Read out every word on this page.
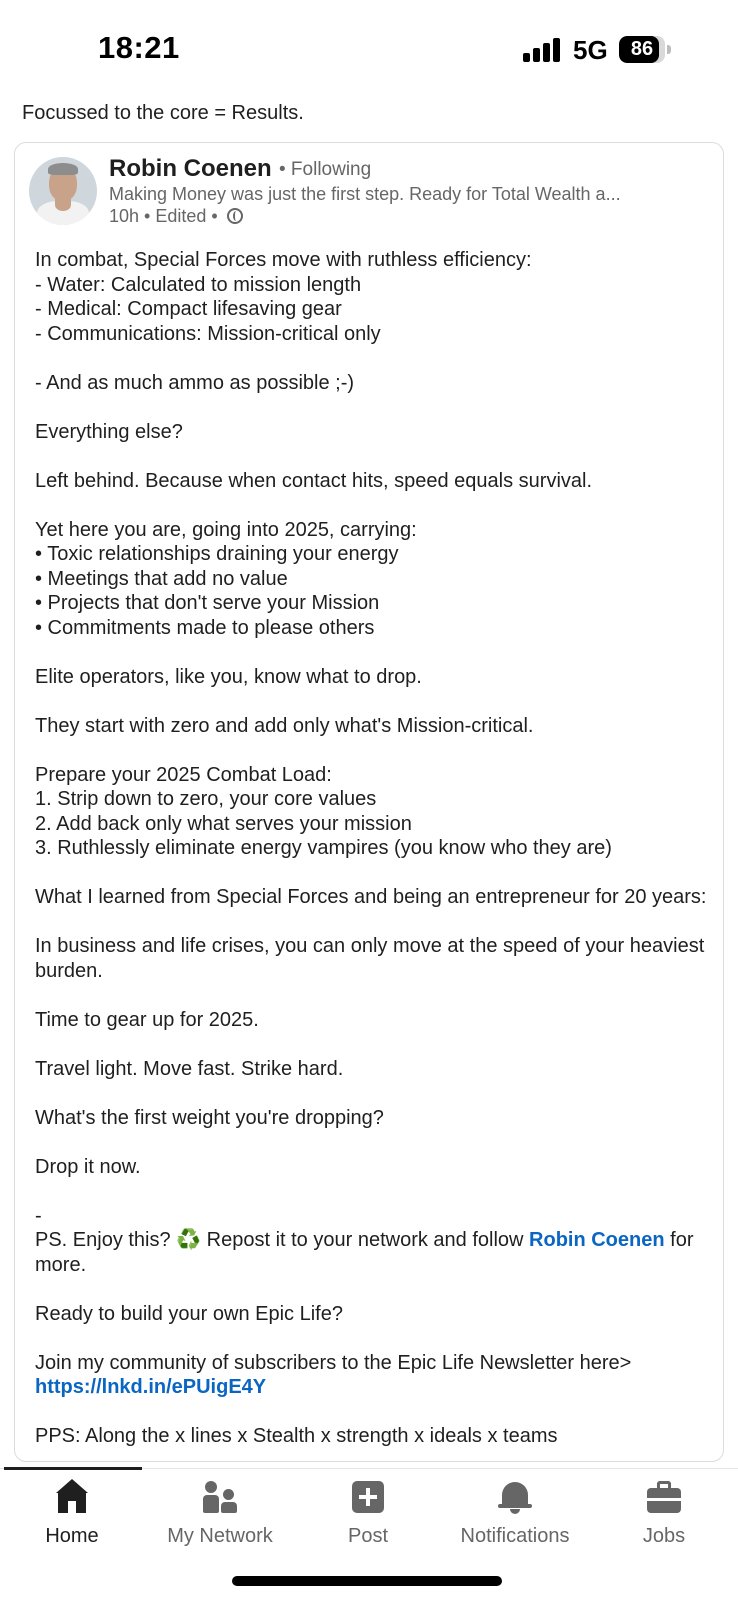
18:21	5G	86
Focussed to the core = Results.
Robin Coenen • Following
Making Money was just the first step. Ready for Total Wealth a...
10h • Edited •
In combat, Special Forces move with ruthless efficiency:
- Water: Calculated to mission length
- Medical: Compact lifesaving gear
- Communications: Mission-critical only

- And as much ammo as possible ;-)

Everything else?

Left behind. Because when contact hits, speed equals survival.

Yet here you are, going into 2025, carrying:
• Toxic relationships draining your energy
• Meetings that add no value
• Projects that don't serve your Mission
• Commitments made to please others

Elite operators, like you, know what to drop.

They start with zero and add only what's Mission-critical.

Prepare your 2025 Combat Load:
1. Strip down to zero, your core values
2. Add back only what serves your mission
3. Ruthlessly eliminate energy vampires (you know who they are)

What I learned from Special Forces and being an entrepreneur for 20 years:

In business and life crises, you can only move at the speed of your heaviest burden.

Time to gear up for 2025.

Travel light. Move fast. Strike hard.

What's the first weight you're dropping?

Drop it now.

-
PS. Enjoy this? ♻️ Repost it to your network and follow Robin Coenen for more.

Ready to build your own Epic Life?

Join my community of subscribers to the Epic Life Newsletter here> https://lnkd.in/ePUigE4Y

PPS: Along the x lines x Stealth x strength x ideals x teams
Home	My Network	Post	Notifications	Jobs
